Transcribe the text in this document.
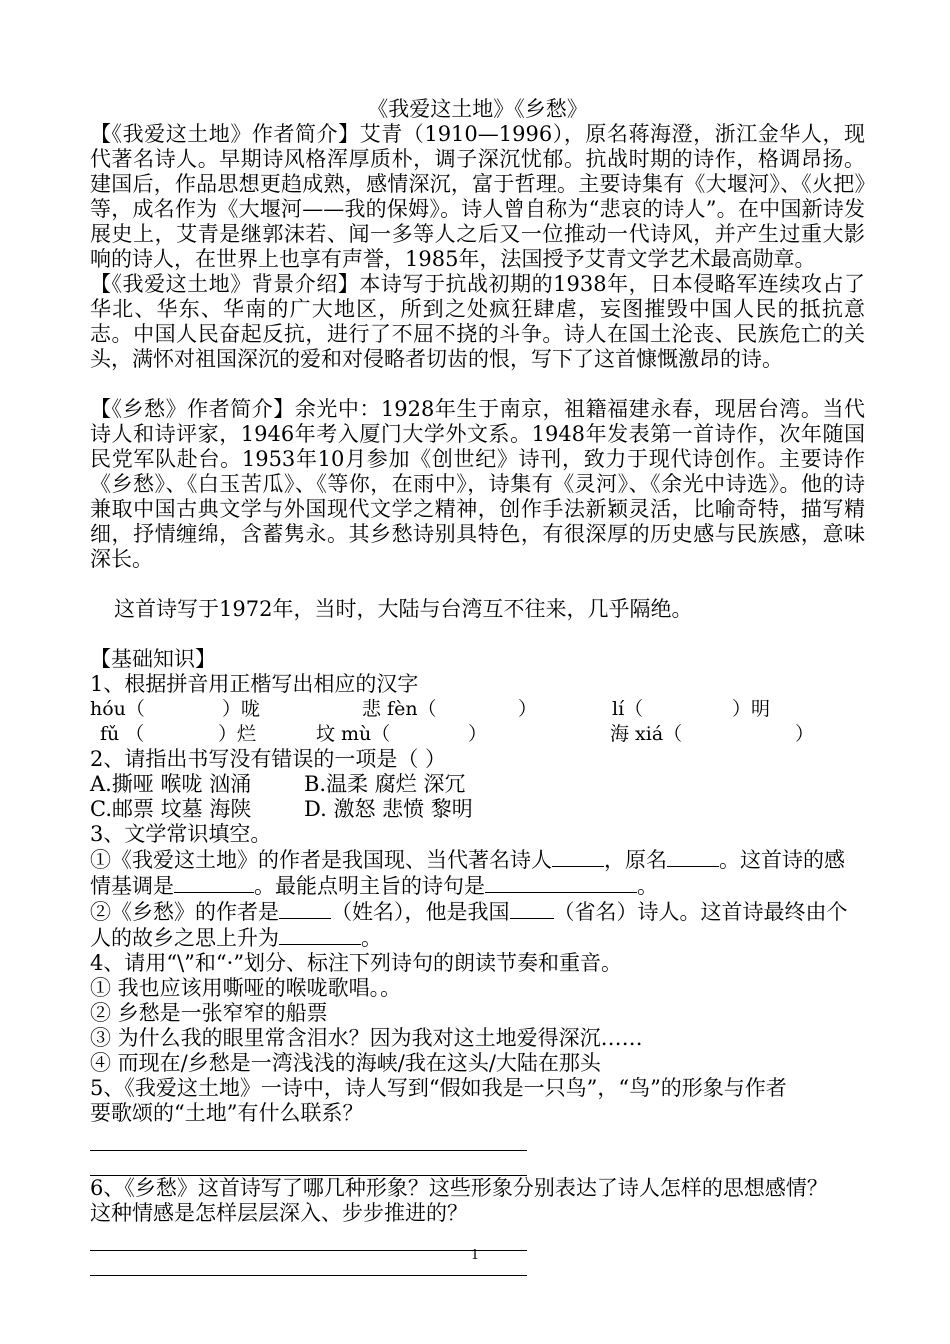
《我爱这土地》《乡愁》

【《我爱这土地》作者简介】艾青（1910—1996），原名蒋海澄，浙江金华人，现代著名诗人。早期诗风格浑厚质朴，调子深沉忧郁。抗战时期的诗作，格调昂扬。建国后，作品思想更趋成熟，感情深沉，富于哲理。主要诗集有《大堰河》、《火把》等，成名作为《大堰河——我的保姆》。诗人曾自称为“悲哀的诗人”。在中国新诗发展史上，艾青是继郭沫若、闻一多等人之后又一位推动一代诗风，并产生过重大影响的诗人，在世界上也享有声誉，1985年，法国授予艾青文学艺术最高勋章。

【《我爱这土地》背景介绍】本诗写于抗战初期的1938年，日本侵略军连续攻占了华北、华东、华南的广大地区，所到之处疯狂肆虐，妄图摧毁中国人民的抵抗意志。中国人民奋起反抗，进行了不屈不挠的斗争。诗人在国土沦丧、民族危亡的关头，满怀对祖国深沉的爱和对侵略者切齿的恨，写下了这首慷慨激昂的诗。

【《乡愁》作者简介】余光中：1928年生于南京，祖籍福建永春，现居台湾。当代诗人和诗评家，1946年考入厦门大学外文系。1948年发表第一首诗作，次年随国民党军队赴台。1953年10月参加《创世纪》诗刊，致力于现代诗创作。主要诗作《乡愁》、《白玉苦瓜》、《等你，在雨中》，诗集有《灵河》、《余光中诗选》。他的诗兼取中国古典文学与外国现代文学之精神，创作手法新颖灵活，比喻奇特，描写精细，抒情缠绵，含蓄隽永。其乡愁诗别具特色，有很深厚的历史感与民族感，意味深长。

这首诗写于1972年，当时，大陆与台湾互不往来，几乎隔绝。

【基础知识】

1、根据拼音用正楷写出相应的汉字

hóu（	）咙	悲 fèn（	）	lí（	）明
fǔ （	）烂	坟 mù（	）	海 xiá（	）

2、请指出书写没有错误的一项是（ ）

A.撕哑 喉咙 汹涌	B.温柔 腐烂 深冗
C.邮票 坟墓 海陕	D. 激怒 悲愤 黎明

3、文学常识填空。

①《我爱这土地》的作者是我国现、当代著名诗人 ，原名 。这首诗的感

情基调是	。最能点明主旨的诗句是	。

②《乡愁》的作者是 （姓名），他是我国 （省名）诗人。这首诗最终由个

人的故乡之思上升为	。

4、请用“\”和“·”划分、标注下列诗句的朗读节奏和重音。

① 我也应该用嘶哑的喉咙歌唱。。

② 乡愁是一张窄窄的船票

③ 为什么我的眼里常含泪水？因为我对这土地爱得深沉……

④ 而现在/乡愁是一湾浅浅的海峡/我在这头/大陆在那头

5、《我爱这土地》一诗中，诗人写到“假如我是一只鸟”，“鸟”的形象与作者

要歌颂的“土地”有什么联系？

6、《乡愁》这首诗写了哪几种形象？这些形象分别表达了诗人怎样的思想感情？

这种情感是怎样层层深入、步步推进的？

1
